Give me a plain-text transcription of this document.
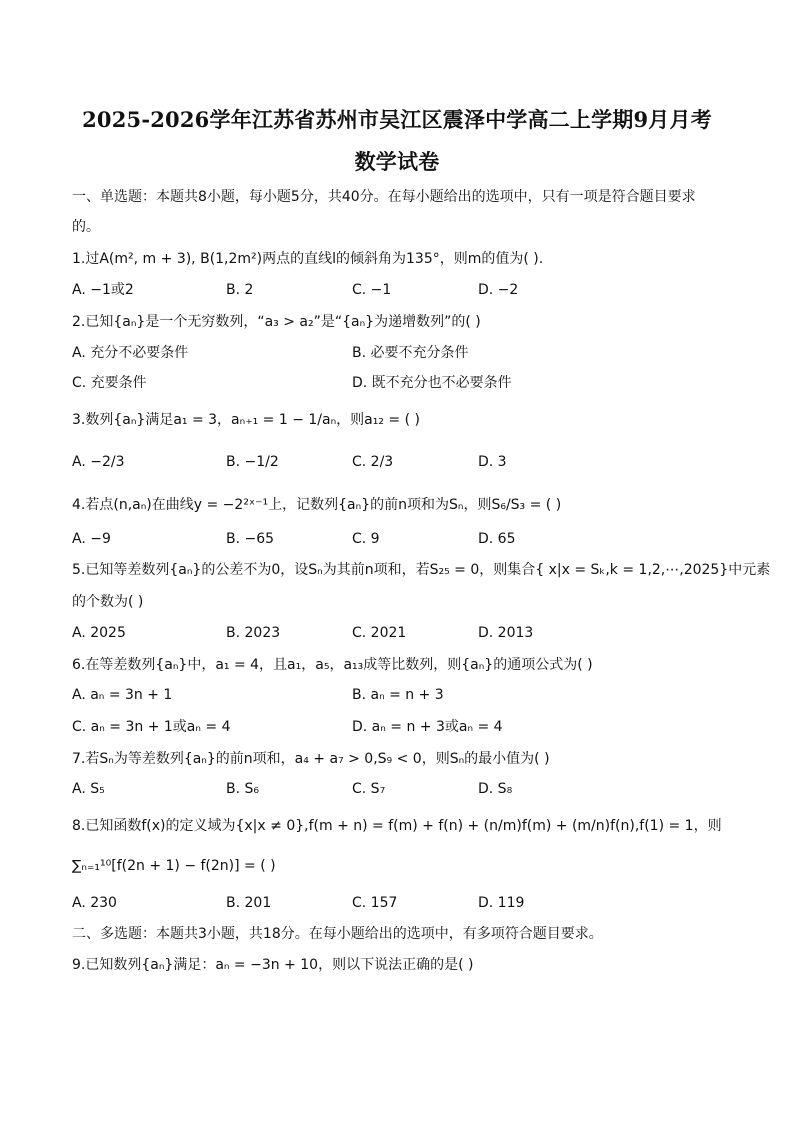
2025-2026学年江苏省苏州市吴江区震泽中学高二上学期9月月考
数学试卷
一、单选题：本题共8小题，每小题5分，共40分。在每小题给出的选项中，只有一项是符合题目要求
的。
1.过A(m², m + 3), B(1,2m²)两点的直线l的倾斜角为135°，则m的值为( ).
A. −1或2	B. 2	C. −1	D. −2
2.已知{aₙ}是一个无穷数列，“a₃ > a₂”是“{aₙ}为递增数列”的( )
A. 充分不必要条件	B. 必要不充分条件
C. 充要条件	D. 既不充分也不必要条件
3.数列{aₙ}满足a₁ = 3，aₙ₊₁ = 1 − 1/aₙ，则a₁₂ = ( )
A. −2/3	B. −1/2	C. 2/3	D. 3
4.若点(n,aₙ)在曲线y = −2²ˣ⁻¹上，记数列{aₙ}的前n项和为Sₙ，则S₆/S₃ = ( )
A. −9	B. −65	C. 9	D. 65
5.已知等差数列{aₙ}的公差不为0，设Sₙ为其前n项和，若S₂₅ = 0，则集合{ x|x = Sₖ,k = 1,2,⋯,2025}中元素
的个数为( )
A. 2025	B. 2023	C. 2021	D. 2013
6.在等差数列{aₙ}中，a₁ = 4，且a₁，a₅，a₁₃成等比数列，则{aₙ}的通项公式为( )
A. aₙ = 3n + 1	B. aₙ = n + 3
C. aₙ = 3n + 1或aₙ = 4	D. aₙ = n + 3或aₙ = 4
7.若Sₙ为等差数列{aₙ}的前n项和，a₄ + a₇ > 0,S₉ < 0，则Sₙ的最小值为( )
A. S₅	B. S₆	C. S₇	D. S₈
8.已知函数f(x)的定义域为{x|x ≠ 0},f(m + n) = f(m) + f(n) + (n/m)f(m) + (m/n)f(n),f(1) = 1，则
∑ₙ₌₁¹⁰[f(2n + 1) − f(2n)] = ( )
A. 230	B. 201	C. 157	D. 119
二、多选题：本题共3小题，共18分。在每小题给出的选项中，有多项符合题目要求。
9.已知数列{aₙ}满足：aₙ = −3n + 10，则以下说法正确的是( )
